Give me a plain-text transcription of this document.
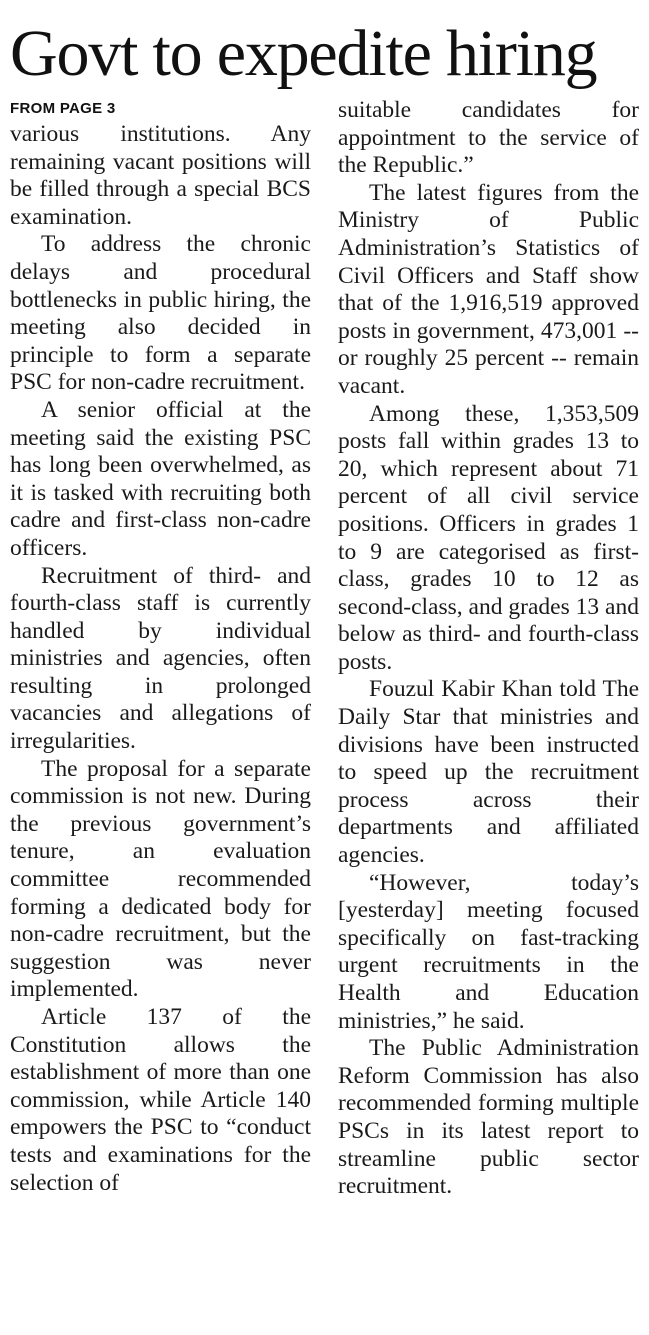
Govt to expedite hiring
FROM PAGE 3

various institutions. Any remaining vacant positions will be filled through a special BCS examination.

To address the chronic delays and procedural bottlenecks in public hiring, the meeting also decided in principle to form a separate PSC for non-cadre recruitment.

A senior official at the meeting said the existing PSC has long been overwhelmed, as it is tasked with recruiting both cadre and first-class non-cadre officers.

Recruitment of third- and fourth-class staff is currently handled by individual ministries and agencies, often resulting in prolonged vacancies and allegations of irregularities.

The proposal for a separate commission is not new. During the previous government’s tenure, an evaluation committee recommended forming a dedicated body for non-cadre recruitment, but the suggestion was never implemented.

Article 137 of the Constitution allows the establishment of more than one commission, while Article 140 empowers the PSC to “conduct tests and examinations for the selection of

suitable candidates for appointment to the service of the Republic.”

The latest figures from the Ministry of Public Administration’s Statistics of Civil Officers and Staff show that of the 1,916,519 approved posts in government, 473,001 -- or roughly 25 percent -- remain vacant.

Among these, 1,353,509 posts fall within grades 13 to 20, which represent about 71 percent of all civil service positions. Officers in grades 1 to 9 are categorised as first-class, grades 10 to 12 as second-class, and grades 13 and below as third- and fourth-class posts.

Fouzul Kabir Khan told The Daily Star that ministries and divisions have been instructed to speed up the recruitment process across their departments and affiliated agencies.

“However, today’s [yesterday] meeting focused specifically on fast-tracking urgent recruitments in the Health and Education ministries,” he said.

The Public Administration Reform Commission has also recommended forming multiple PSCs in its latest report to streamline public sector recruitment.
